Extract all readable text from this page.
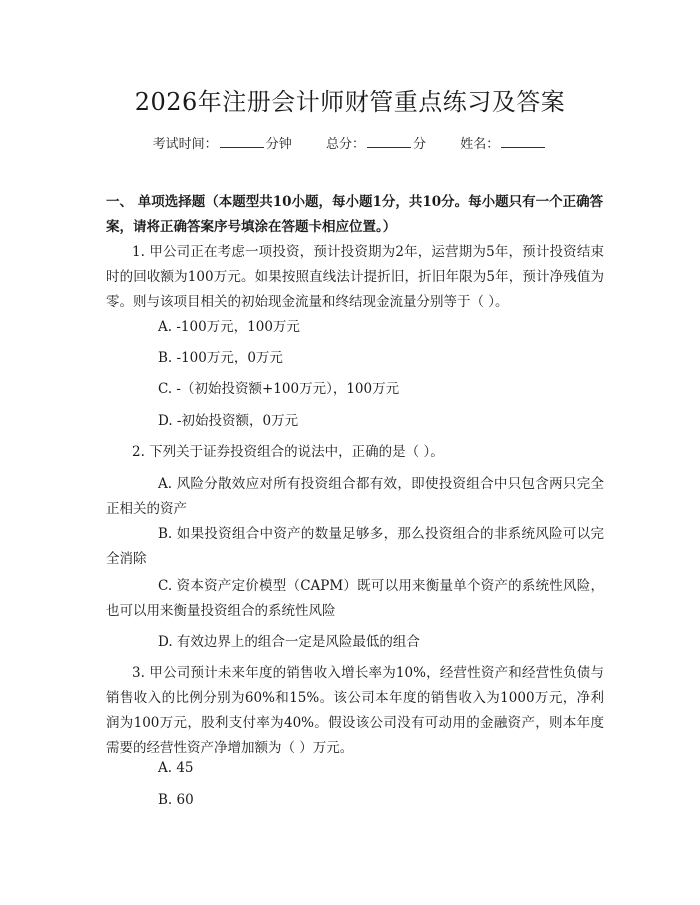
2026年注册会计师财管重点练习及答案
考试时间：	分钟	总分：	分	姓名：
一、 单项选择题（本题型共10小题，每小题1分，共10分。每小题只有一个正确答案，请将正确答案序号填涂在答题卡相应位置。）
1. 甲公司正在考虑一项投资，预计投资期为2年，运营期为5年，预计投资结束时的回收额为100万元。如果按照直线法计提折旧，折旧年限为5年，预计净残值为零。则与该项目相关的初始现金流量和终结现金流量分别等于（ ）。
A. -100万元，100万元
B. -100万元，0万元
C. -（初始投资额+100万元），100万元
D. -初始投资额，0万元
2. 下列关于证券投资组合的说法中，正确的是（ ）。
A. 风险分散效应对所有投资组合都有效，即使投资组合中只包含两只完全正相关的资产
B. 如果投资组合中资产的数量足够多，那么投资组合的非系统风险可以完全消除
C. 资本资产定价模型（CAPM）既可以用来衡量单个资产的系统性风险，也可以用来衡量投资组合的系统性风险
D. 有效边界上的组合一定是风险最低的组合
3. 甲公司预计未来年度的销售收入增长率为10%，经营性资产和经营性负债与销售收入的比例分别为60%和15%。该公司本年度的销售收入为1000万元，净利润为100万元，股利支付率为40%。假设该公司没有可动用的金融资产，则本年度需要的经营性资产净增加额为（ ）万元。
A. 45
B. 60
